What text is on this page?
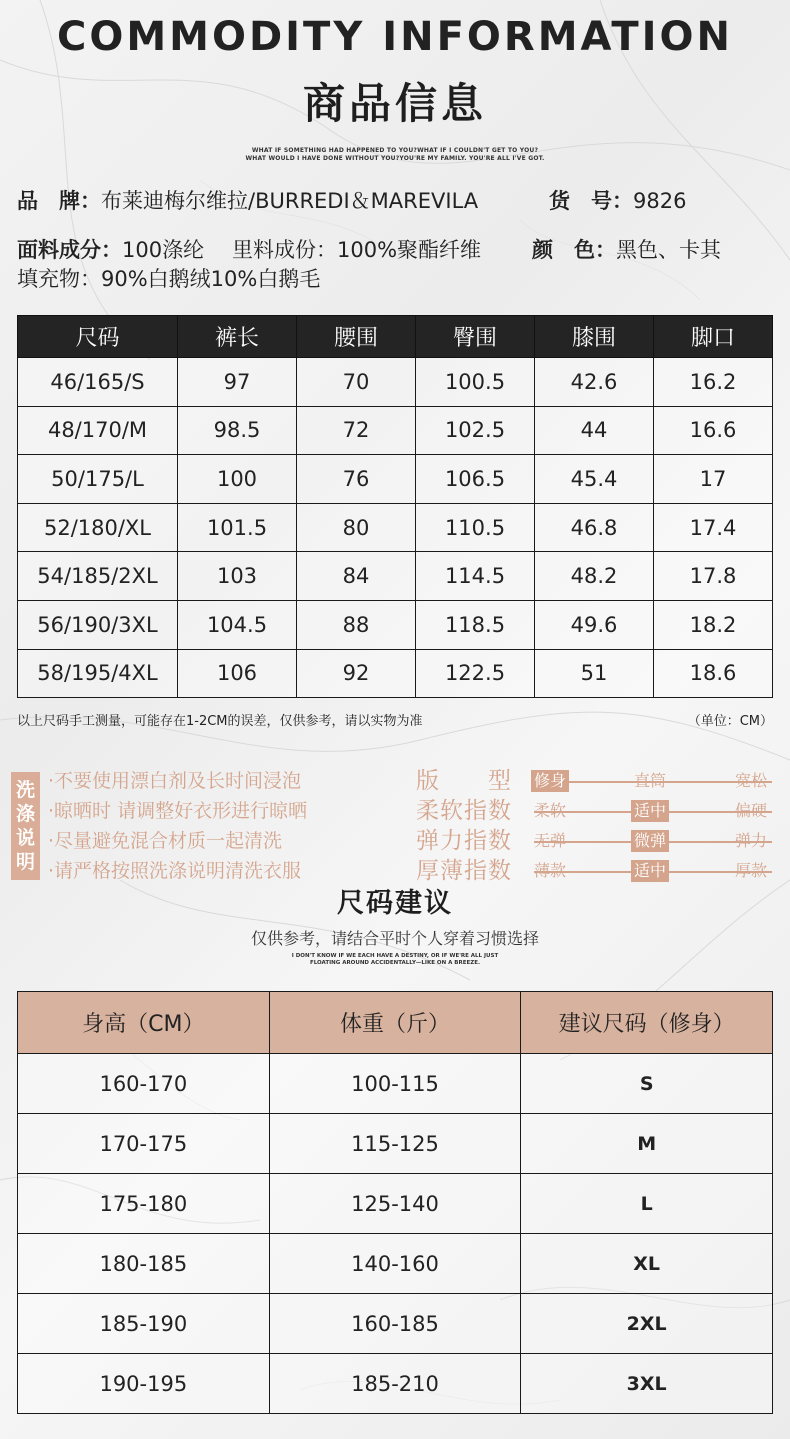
COMMODITY INFORMATION
商品信息
WHAT IF SOMETHING HAD HAPPENED TO YOU?WHAT IF I COULDN'T GET TO YOU?
WHAT WOULD I HAVE DONE WITHOUT YOU?YOU'RE MY FAMILY. YOU'RE ALL I'VE GOT.
品　牌：布莱迪梅尔维拉/BURREDI＆MAREVILA	货　号：9826
面料成分：100涤纶 里料成份：100%聚酯纤维 颜　色：黑色、卡其
填充物：90%白鹅绒10%白鹅毛
尺码	裤长	腰围	臀围	膝围	脚口
46/165/S	97	70	100.5	42.6	16.2
48/170/M	98.5	72	102.5	44	16.6
50/175/L	100	76	106.5	45.4	17
52/180/XL	101.5	80	110.5	46.8	17.4
54/185/2XL	103	84	114.5	48.2	17.8
56/190/3XL	104.5	88	118.5	49.6	18.2
58/195/4XL	106	92	122.5	51	18.6
以上尺码手工测量，可能存在1-2CM的误差，仅供参考，请以实物为准	（单位：CM）
洗
涤
说
明
·不要使用漂白剂及长时间浸泡
·晾晒时 请调整好衣形进行晾晒
·尽量避免混合材质一起清洗
·请严格按照洗涤说明清洗衣服
版　　型 修身	直筒	宽松
柔软指数 柔软	适中	偏硬
弹力指数 无弹	微弹	弹力
厚薄指数 薄款	适中	厚款
尺码建议
仅供参考，请结合平时个人穿着习惯选择
I DON'T KNOW IF WE EACH HAVE A DESTINY, OR IF WE'RE ALL JUST
FLOATING AROUND ACCIDENTALLY—LIKE ON A BREEZE.
身高（CM）	体重（斤）	建议尺码（修身）
160-170	100-115	S
170-175	115-125	M
175-180	125-140	L
180-185	140-160	XL
185-190	160-185	2XL
190-195	185-210	3XL
